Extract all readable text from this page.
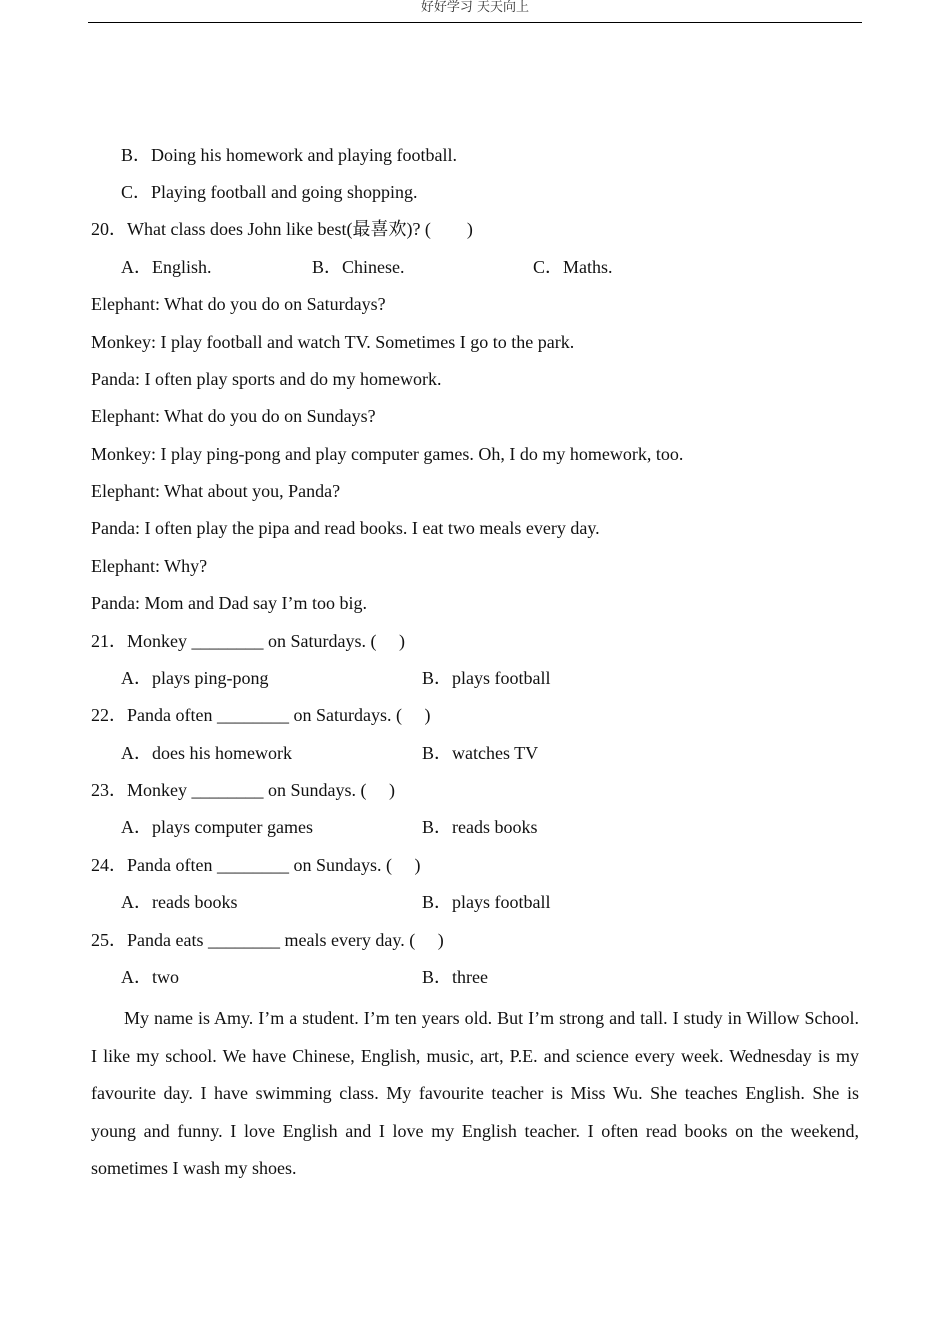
好好学习 天天向上
B．Doing his homework and playing football.
C．Playing football and going shopping.
20．What class does John like best(最喜欢)? (　　)
A．English.	B．Chinese.	C．Maths.
Elephant: What do you do on Saturdays?
Monkey: I play football and watch TV. Sometimes I go to the park.
Panda: I often play sports and do my homework.
Elephant: What do you do on Sundays?
Monkey: I play ping-pong and play computer games. Oh, I do my homework, too.
Elephant: What about you, Panda?
Panda: I often play the pipa and read books. I eat two meals every day.
Elephant: Why?
Panda: Mom and Dad say I’m too big.
21．Monkey ________ on Saturdays. (　 )
A．plays ping-pong	B．plays football
22．Panda often ________ on Saturdays. (　 )
A．does his homework	B．watches TV
23．Monkey ________ on Sundays. (　 )
A．plays computer games	B．reads books
24．Panda often ________ on Sundays. (　 )
A．reads books	B．plays football
25．Panda eats ________ meals every day. (　 )
A．two	B．three
My name is Amy. I’m a student. I’m ten years old. But I’m strong and tall. I study in Willow School. I like my school. We have Chinese, English, music, art, P.E. and science every week. Wednesday is my favourite day. I have swimming class. My favourite teacher is Miss Wu. She teaches English. She is young and funny. I love English and I love my English teacher. I often read books on the weekend, sometimes I wash my shoes.
